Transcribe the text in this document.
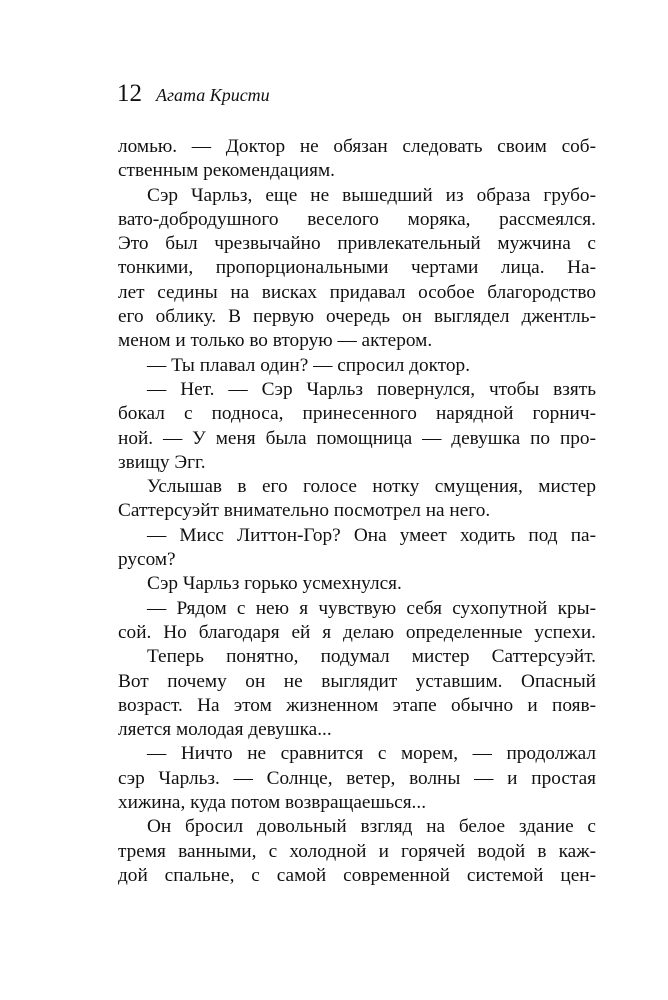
12 Агата Кристи
ломью. — Доктор не обязан следовать своим соб-
ственным рекомендациям.
Сэр Чарльз, еще не вышедший из образа грубо-
вато-добродушного веселого моряка, рассмеялся.
Это был чрезвычайно привлекательный мужчина с
тонкими, пропорциональными чертами лица. На-
лет седины на висках придавал особое благородство
его облику. В первую очередь он выглядел джентль-
меном и только во вторую — актером.
— Ты плавал один? — спросил доктор.
— Нет. — Сэр Чарльз повернулся, чтобы взять
бокал с подноса, принесенного нарядной горнич-
ной. — У меня была помощница — девушка по про-
звищу Эгг.
Услышав в его голосе нотку смущения, мистер
Саттерсуэйт внимательно посмотрел на него.
— Мисс Литтон-Гор? Она умеет ходить под па-
русом?
Сэр Чарльз горько усмехнулся.
— Рядом с нею я чувствую себя сухопутной кры-
сой. Но благодаря ей я делаю определенные успехи.
Теперь понятно, подумал мистер Саттерсуэйт.
Вот почему он не выглядит уставшим. Опасный
возраст. На этом жизненном этапе обычно и появ-
ляется молодая девушка...
— Ничто не сравнится с морем, — продолжал
сэр Чарльз. — Солнце, ветер, волны — и простая
хижина, куда потом возвращаешься...
Он бросил довольный взгляд на белое здание с
тремя ванными, с холодной и горячей водой в каж-
дой спальне, с самой современной системой цен-
